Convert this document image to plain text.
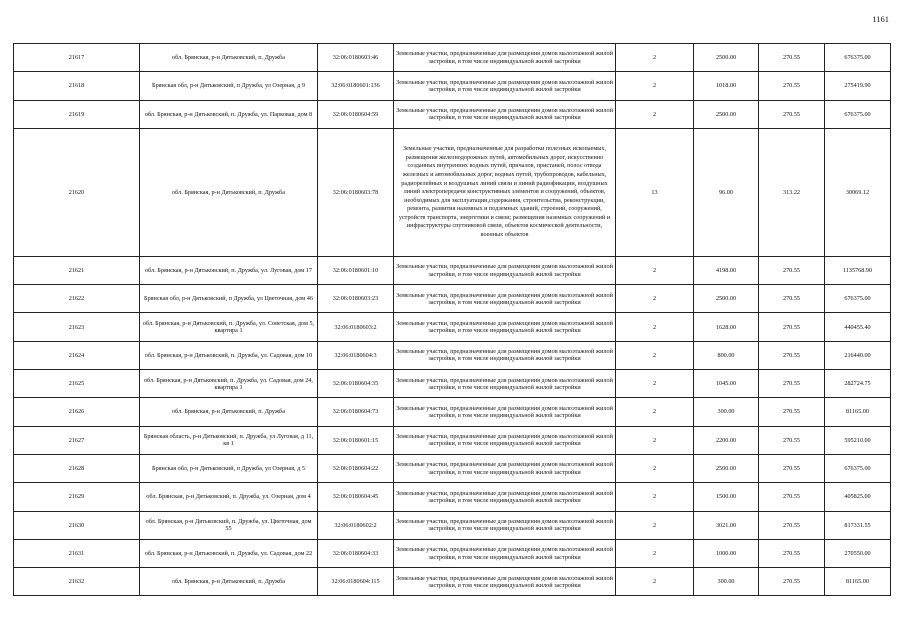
1161
21617	обл. Брянская, р-н Дятьковский, п. Дружба	32:06:0180603:46	Земельные участки, предназначенные для размещения домов малоэтажной жилой застройки, в том числе индивидуальной жилой застройки	2	2500.00	270.55	676375.00
21618	Брянская обл, р-н Дятьковский, п Дружба, ул Озерная, д 9	32:06:0180601:136	Земельные участки, предназначенные для размещения домов малоэтажной жилой застройки, в том числе индивидуальной жилой застройки	2	1018.00	270.55	275419.90
21619	обл. Брянская, р-н Дятьковский, п. Дружба, ул. Парковая, дом 8	32:06:0180604:59	Земельные участки, предназначенные для размещения домов малоэтажной жилой застройки, в том числе индивидуальной жилой застройки	2	2500.00	270.55	676375.00
21620	обл. Брянская, р-н Дятьковский, п. Дружба	32:06:0180603:78	Земельные участки, предназначенные для разработки полезных ископаемых, размещения железнодорожных путей, автомобильных дорог, искусственно созданных внутренних водных путей, причалов, пристаней, полос отвода железных и автомобильных дорог, водных путей, трубопроводов, кабельных, радиорелейных и воздушных линий связи и линий радиофикации, воздушных линий электропередачи конструктивных элементов и сооружений, объектов, необходимых для эксплуатации,содержания, строительства, реконструкции, ремонта, развития наземных и подземных зданий, строений, сооружений, устройств транспорта, энергетики и связи; размещения наземных сооружений и инфраструктуры спутниковой связи, объектов космической деятельности, военных объектов	13	96.00	313.22	30069.12
21621	обл. Брянская, р-н Дятьковский, п. Дружба, ул. Луговая, дом 17	32:06:0180601:10	Земельные участки, предназначенные для размещения домов малоэтажной жилой застройки, в том числе индивидуальной жилой застройки	2	4198.00	270.55	1135768.90
21622	Брянская обл, р-н Дятьковский, п Дружба, ул Цветочная, дом 46	32:06:0180603:23	Земельные участки, предназначенные для размещения домов малоэтажной жилой застройки, в том числе индивидуальной жилой застройки	2	2500.00	270.55	676375.00
21623	обл. Брянская, р-н Дятьковский, п. Дружба, ул. Советская, дом 5, квартира 1	32:06:0180603:2	Земельные участки, предназначенные для размещения домов малоэтажной жилой застройки, в том числе индивидуальной жилой застройки	2	1628.00	270.55	440455.40
21624	обл. Брянская, р-н Дятьковский, п. Дружба, ул. Садовая, дом 10	32:06:0180604:3	Земельные участки, предназначенные для размещения домов малоэтажной жилой застройки, в том числе индивидуальной жилой застройки	2	800.00	270.55	216440.00
21625	обл. Брянская, р-н Дятьковский, п. Дружба, ул. Садовая, дом 24, квартира 1	32:06:0180604:35	Земельные участки, предназначенные для размещения домов малоэтажной жилой застройки, в том числе индивидуальной жилой застройки	2	1045.00	270.55	282724.75
21626	обл. Брянская, р-н Дятьковский, п. Дружба	32:06:0180604:73	Земельные участки, предназначенные для размещения домов малоэтажной жилой застройки, в том числе индивидуальной жилой застройки	2	300.00	270.55	81165.00
21627	Брянская область, р-н Дятьковский, п. Дружба, ул Луговая, д 11, кв 1	32:06:0180601:15	Земельные участки, предназначенные для размещения домов малоэтажной жилой застройки, в том числе индивидуальной жилой застройки	2	2200.00	270.55	595210.00
21628	Брянская обл, р-н Дятьковский, п Дружба, ул Озерная, д 5	32:06:0180604:22	Земельные участки, предназначенные для размещения домов малоэтажной жилой застройки, в том числе индивидуальной жилой застройки	2	2500.00	270.55	676375.00
21629	обл. Брянская, р-н Дятьковский, п. Дружба, ул. Озерная, дом 4	32:06:0180604:45	Земельные участки, предназначенные для размещения домов малоэтажной жилой застройки, в том числе индивидуальной жилой застройки	2	1500.00	270.55	405825.00
21630	обл. Брянская, р-н Дятьковский, п. Дружба, ул. Цветочная, дом 55	32:06:0180602:2	Земельные участки, предназначенные для размещения домов малоэтажной жилой застройки, в том числе индивидуальной жилой застройки	2	3021.00	270.55	817331.55
21631	обл. Брянская, р-н Дятьковский, п. Дружба, ул. Садовая, дом 22	32:06:0180604:33	Земельные участки, предназначенные для размещения домов малоэтажной жилой застройки, в том числе индивидуальной жилой застройки	2	1000.00	270.55	270550.00
21632	обл. Брянская, р-н Дятьковский, п. Дружба	32:06:0180604:115	Земельные участки, предназначенные для размещения домов малоэтажной жилой застройки, в том числе индивидуальной жилой застройки	2	300.00	270.55	81165.00
